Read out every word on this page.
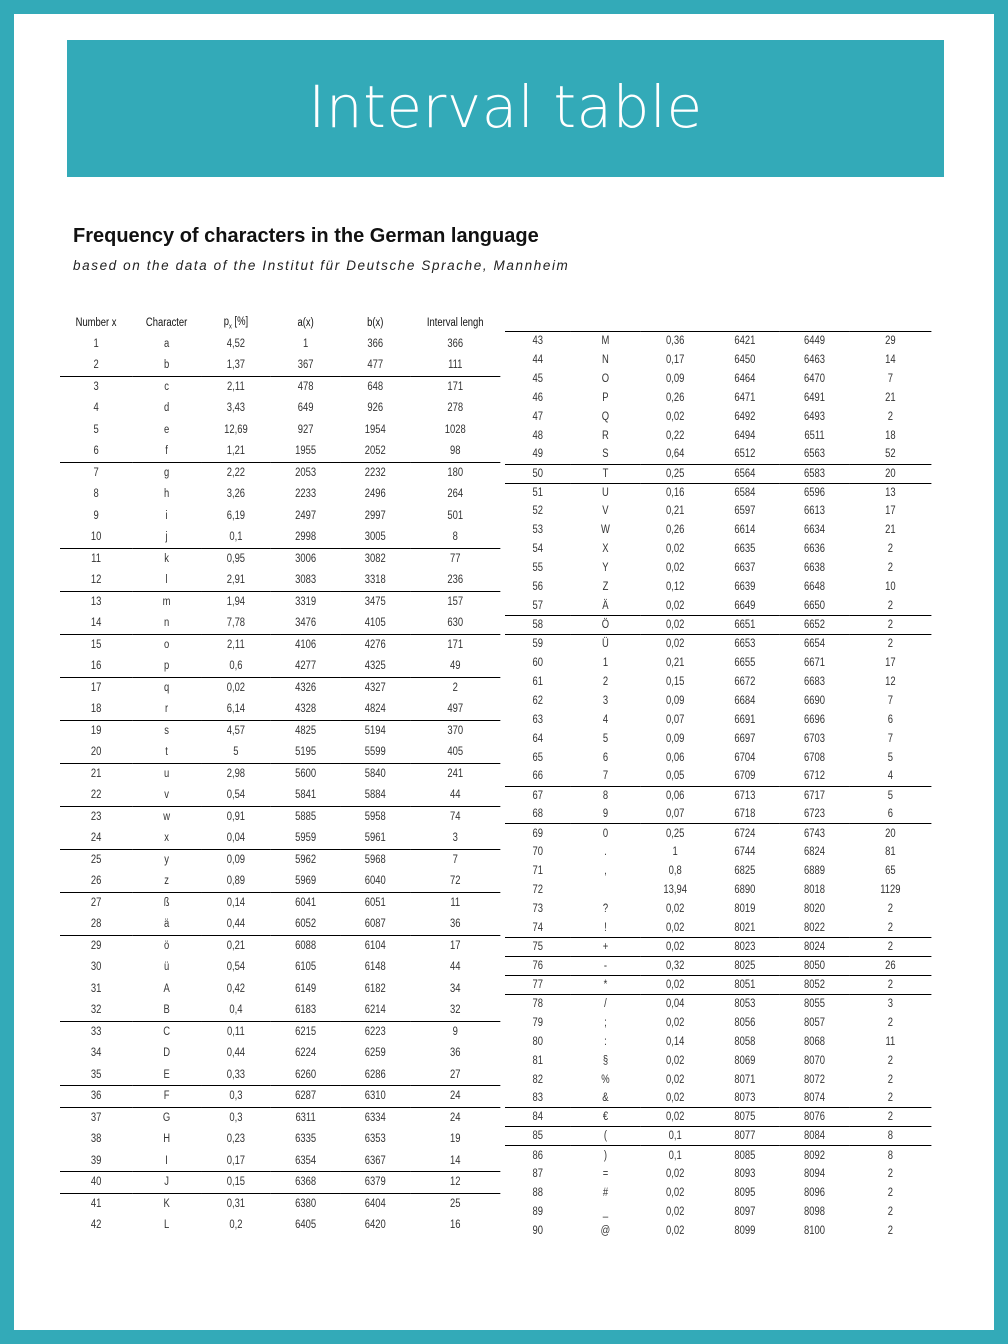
Interval table
Frequency of characters in the German language
based on the data of the Institut für Deutsche Sprache, Mannheim
Number x	Character	$p_x$ [%]	a(x)	b(x)	Interval lengh
1	a	4,52	1	366	366
2	b	1,37	367	477	111
3	c	2,11	478	648	171
4	d	3,43	649	926	278
5	e	12,69	927	1954	1028
6	f	1,21	1955	2052	98
7	g	2,22	2053	2232	180
8	h	3,26	2233	2496	264
9	i	6,19	2497	2997	501
10	j	0,1	2998	3005	8
11	k	0,95	3006	3082	77
12	l	2,91	3083	3318	236
13	m	1,94	3319	3475	157
14	n	7,78	3476	4105	630
15	o	2,11	4106	4276	171
16	p	0,6	4277	4325	49
17	q	0,02	4326	4327	2
18	r	6,14	4328	4824	497
19	s	4,57	4825	5194	370
20	t	5	5195	5599	405
21	u	2,98	5600	5840	241
22	v	0,54	5841	5884	44
23	w	0,91	5885	5958	74
24	x	0,04	5959	5961	3
25	y	0,09	5962	5968	7
26	z	0,89	5969	6040	72
27	ß	0,14	6041	6051	11
28	ä	0,44	6052	6087	36
29	ö	0,21	6088	6104	17
30	ü	0,54	6105	6148	44
31	A	0,42	6149	6182	34
32	B	0,4	6183	6214	32
33	C	0,11	6215	6223	9
34	D	0,44	6224	6259	36
35	E	0,33	6260	6286	27
36	F	0,3	6287	6310	24
37	G	0,3	6311	6334	24
38	H	0,23	6335	6353	19
39	I	0,17	6354	6367	14
40	J	0,15	6368	6379	12
41	K	0,31	6380	6404	25
42	L	0,2	6405	6420	16
43	M	0,36	6421	6449	29
44	N	0,17	6450	6463	14
45	O	0,09	6464	6470	7
46	P	0,26	6471	6491	21
47	Q	0,02	6492	6493	2
48	R	0,22	6494	6511	18
49	S	0,64	6512	6563	52
50	T	0,25	6564	6583	20
51	U	0,16	6584	6596	13
52	V	0,21	6597	6613	17
53	W	0,26	6614	6634	21
54	X	0,02	6635	6636	2
55	Y	0,02	6637	6638	2
56	Z	0,12	6639	6648	10
57	Ä	0,02	6649	6650	2
58	Ö	0,02	6651	6652	2
59	Ü	0,02	6653	6654	2
60	1	0,21	6655	6671	17
61	2	0,15	6672	6683	12
62	3	0,09	6684	6690	7
63	4	0,07	6691	6696	6
64	5	0,09	6697	6703	7
65	6	0,06	6704	6708	5
66	7	0,05	6709	6712	4
67	8	0,06	6713	6717	5
68	9	0,07	6718	6723	6
69	0	0,25	6724	6743	20
70	.	1	6744	6824	81
71	,	0,8	6825	6889	65
72		13,94	6890	8018	1129
73	?	0,02	8019	8020	2
74	!	0,02	8021	8022	2
75	+	0,02	8023	8024	2
76	-	0,32	8025	8050	26
77	*	0,02	8051	8052	2
78	/	0,04	8053	8055	3
79	;	0,02	8056	8057	2
80	:	0,14	8058	8068	11
81	§	0,02	8069	8070	2
82	%	0,02	8071	8072	2
83	&	0,02	8073	8074	2
84	€	0,02	8075	8076	2
85	(	0,1	8077	8084	8
86	)	0,1	8085	8092	8
87	=	0,02	8093	8094	2
88	#	0,02	8095	8096	2
89	_	0,02	8097	8098	2
90	@	0,02	8099	8100	2
